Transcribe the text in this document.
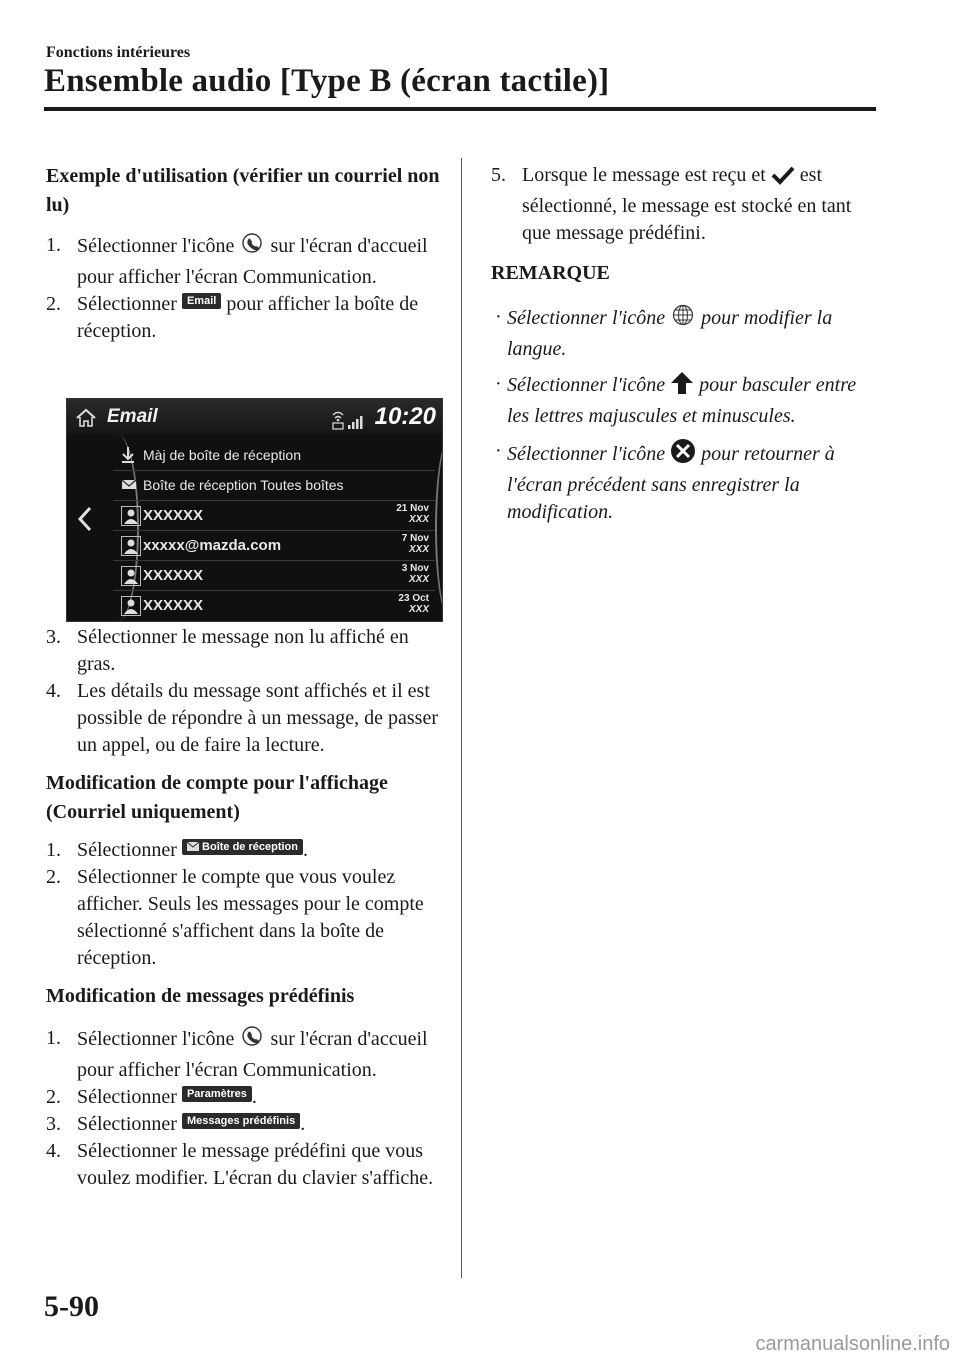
Fonctions intérieures
Ensemble audio [Type B (écran tactile)]

Exemple d'utilisation (vérifier un courriel non lu)

1. Sélectionner l'icône sur l'écran d'accueil pour afficher l'écran Communication.

2. Sélectionner Email pour afficher la boîte de réception.

Email	10:20
Màj de boîte de réception
Boîte de réception Toutes boîtes
XXXXXX	21 Nov
XXX
xxxxx@mazda.com	7 Nov
XXX
XXXXXX	3 Nov
XXX
XXXXXX	23 Oct
XXX

3. Sélectionner le message non lu affiché en gras.

4. Les détails du message sont affichés et il est possible de répondre à un message, de passer un appel, ou de faire la lecture.

Modification de compte pour l'affichage (Courriel uniquement)

1. Sélectionner Boîte de réception .

2. Sélectionner le compte que vous voulez afficher. Seuls les messages pour le compte sélectionné s'affichent dans la boîte de réception.

Modification de messages prédéfinis

1. Sélectionner l'icône sur l'écran d'accueil pour afficher l'écran Communication.

2. Sélectionner Paramètres .

3. Sélectionner Messages prédéfinis .

4. Sélectionner le message prédéfini que vous voulez modifier. L'écran du clavier s'affiche.

5. Lorsque le message est reçu et est sélectionné, le message est stocké en tant que message prédéfini.

REMARQUE

· Sélectionner l'icône pour modifier la langue.

· Sélectionner l'icône pour basculer entre les lettres majuscules et minuscules.

· Sélectionner l'icône pour retourner à l'écran précédent sans enregistrer la modification.

5-90
carmanualsonline.info
